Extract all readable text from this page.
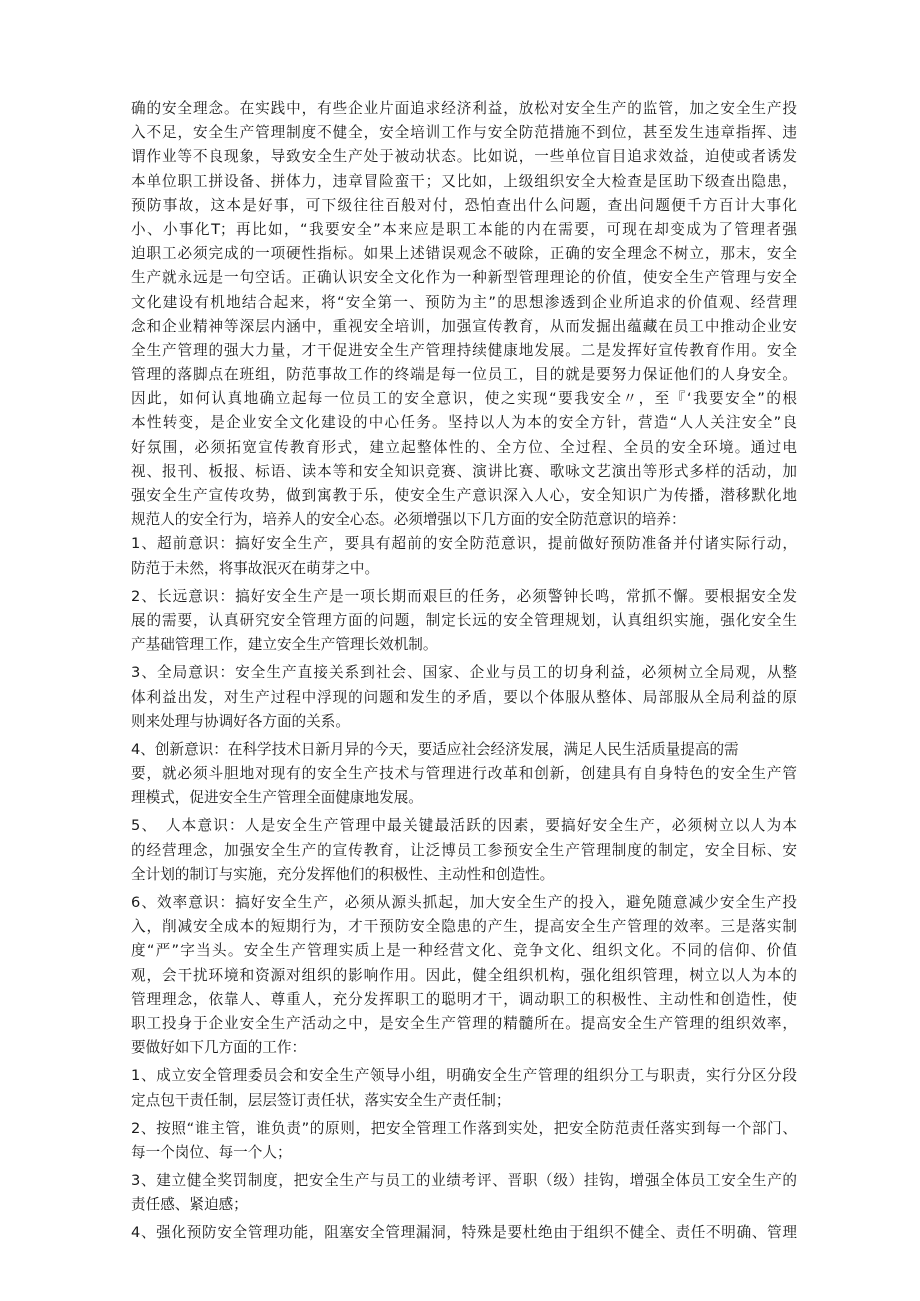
确的安全理念。在实践中，有些企业片面追求经济利益，放松对安全生产的监管，加之安全生产投
入不足，安全生产管理制度不健全，安全培训工作与安全防范措施不到位，甚至发生违章指挥、违
谓作业等不良现象，导致安全生产处于被动状态。比如说，一些单位盲目追求效益，迫使或者诱发
本单位职工拼设备、拼体力，违章冒险蛮干；又比如，上级组织安全大检查是匡助下级查出隐患，
预防事故，这本是好事，可下级往往百般对付，恐怕查出什么问题，查出问题便千方百计大事化
小、小事化T；再比如，“我要安全”本来应是职工本能的内在需要，可现在却变成为了管理者强
迫职工必须完成的一项硬性指标。如果上述错误观念不破除，正确的安全理念不树立，那末，安全
生产就永远是一句空话。正确认识安全文化作为一种新型管理理论的价值，使安全生产管理与安全
文化建设有机地结合起来，将“安全第一、预防为主”的思想渗透到企业所追求的价值观、经营理
念和企业精神等深层内涵中，重视安全培训，加强宣传教育，从而发掘出蕴藏在员工中推动企业安
全生产管理的强大力量，才干促进安全生产管理持续健康地发展。二是发挥好宣传教育作用。安全
管理的落脚点在班组，防范事故工作的终端是每一位员工，目的就是要努力保证他们的人身安全。
因此，如何认真地确立起每一位员工的安全意识，使之实现“要我安全〃，至『‘我要安全”的根
本性转变，是企业安全文化建设的中心任务。坚持以人为本的安全方针，营造“人人关注安全”良
好氛围，必须拓宽宣传教育形式，建立起整体性的、全方位、全过程、全员的安全环境。通过电
视、报刊、板报、标语、读本等和安全知识竞赛、演讲比赛、歌咏文艺演出等形式多样的活动，加
强安全生产宣传攻势，做到寓教于乐，使安全生产意识深入人心，安全知识广为传播，潜移默化地
规范人的安全行为，培养人的安全心态。必须增强以下几方面的安全防范意识的培养：
1、超前意识：搞好安全生产，要具有超前的安全防范意识，提前做好预防准备并付诸实际行动，
防范于未然，将事故泯灭在萌芽之中。
2、长远意识：搞好安全生产是一项长期而艰巨的任务，必须警钟长鸣，常抓不懈。要根据安全发
展的需要，认真研究安全管理方面的问题，制定长远的安全管理规划，认真组织实施，强化安全生
产基础管理工作，建立安全生产管理长效机制。
3、全局意识：安全生产直接关系到社会、国家、企业与员工的切身利益，必须树立全局观，从整
体利益出发，对生产过程中浮现的问题和发生的矛盾，要以个体服从整体、局部服从全局利益的原
则来处理与协调好各方面的关系。
4、创新意识：在科学技术日新月异的今天，要适应社会经济发展，满足人民生活质量提高的需
要，就必须斗胆地对现有的安全生产技术与管理进行改革和创新，创建具有自身特色的安全生产管
理模式，促进安全生产管理全面健康地发展。
5、　人本意识：人是安全生产管理中最关键最活跃的因素，要搞好安全生产，必须树立以人为本
的经营理念，加强安全生产的宣传教育，让泛博员工参预安全生产管理制度的制定，安全目标、安
全计划的制订与实施，充分发挥他们的积极性、主动性和创造性。
6、效率意识：搞好安全生产，必须从源头抓起，加大安全生产的投入，避免随意减少安全生产投
入，削减安全成本的短期行为，才干预防安全隐患的产生，提高安全生产管理的效率。三是落实制
度“严”字当头。安全生产管理实质上是一种经营文化、竞争文化、组织文化。不同的信仰、价值
观，会干扰环境和资源对组织的影响作用。因此，健全组织机构，强化组织管理，树立以人为本的
管理理念，依靠人、尊重人，充分发挥职工的聪明才干，调动职工的积极性、主动性和创造性，使
职工投身于企业安全生产活动之中，是安全生产管理的精髓所在。提高安全生产管理的组织效率，
要做好如下几方面的工作：
1、成立安全管理委员会和安全生产领导小组，明确安全生产管理的组织分工与职责，实行分区分段
定点包干责任制，层层签订责任状，落实安全生产责任制；
2、按照“谁主管，谁负责”的原则，把安全管理工作落到实处，把安全防范责任落实到每一个部门、
每一个岗位、每一个人；
3、建立健全奖罚制度，把安全生产与员工的业绩考评、晋职（级）挂钩，增强全体员工安全生产的
责任感、紧迫感；
4、强化预防安全管理功能，阻塞安全管理漏洞，特殊是要杜绝由于组织不健全、责任不明确、管理
